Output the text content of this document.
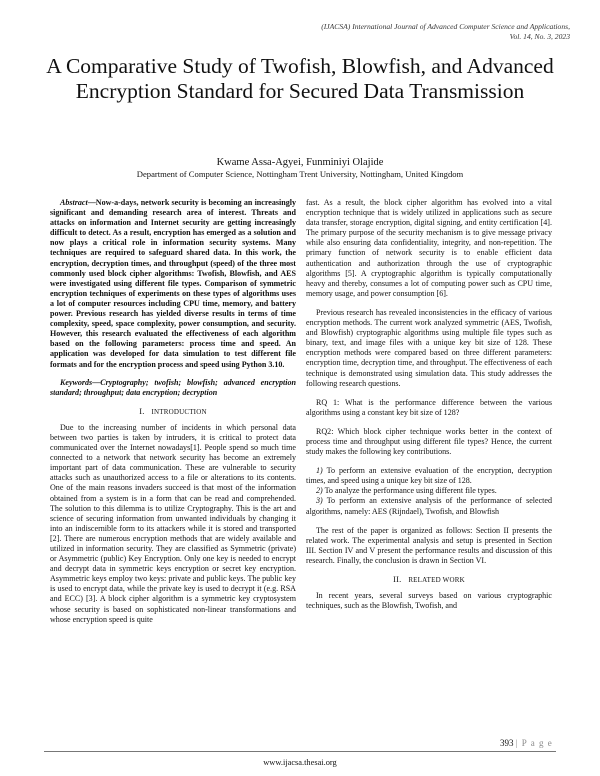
(IJACSA) International Journal of Advanced Computer Science and Applications,
Vol. 14, No. 3, 2023
A Comparative Study of Twofish, Blowfish, and Advanced Encryption Standard for Secured Data Transmission
Kwame Assa-Agyei, Funminiyi Olajide
Department of Computer Science, Nottingham Trent University, Nottingham, United Kingdom

Abstract—Now-a-days, network security is becoming an increasingly significant and demanding research area of interest. Threats and attacks on information and Internet security are getting increasingly difficult to detect. As a result, encryption has emerged as a solution and now plays a critical role in information security systems. Many techniques are required to safeguard shared data. In this work, the encryption, decryption times, and throughput (speed) of the three most commonly used block cipher algorithms: Twofish, Blowfish, and AES were investigated using different file types. Comparison of symmetric encryption techniques of experiments on these types of algorithms uses a lot of computer resources including CPU time, memory, and battery power. Previous research has yielded diverse results in terms of time complexity, speed, space complexity, power consumption, and security. However, this research evaluated the effectiveness of each algorithm based on the following parameters: process time and speed. An application was developed for data simulation to test different file formats and for the encryption process and speed using Python 3.10.

Keywords—Cryptography; twofish; blowfish; advanced encryption standard; throughput; data encryption; decryption

I. INTRODUCTION

Due to the increasing number of incidents in which personal data between two parties is taken by intruders, it is critical to protect data communicated over the Internet nowadays[1]. People spend so much time connected to a network that network security has become an extremely important part of data communication. These are vulnerable to security attacks such as unauthorized access to a file or alterations to its contents. One of the main reasons invaders succeed is that most of the information obtained from a system is in a form that can be read and comprehended. The solution to this dilemma is to utilize Cryptography. This is the art and science of securing information from unwanted individuals by changing it into an indiscernible form to its attackers while it is stored and transported [2]. There are numerous encryption methods that are widely available and utilized in information security. They are classified as Symmetric (private) or Asymmetric (public) Key Encryption. Only one key is needed to encrypt and decrypt data in symmetric keys encryption or secret key encryption. Asymmetric keys employ two keys: private and public keys. The public key is used to encrypt data, while the private key is used to decrypt it (e.g. RSA and ECC) [3]. A block cipher algorithm is a symmetric key cryptosystem whose security is based on sophisticated non-linear transformations and whose encryption speed is quite

fast. As a result, the block cipher algorithm has evolved into a vital encryption technique that is widely utilized in applications such as secure data transfer, storage encryption, digital signing, and entity certification [4]. The primary purpose of the security mechanism is to give message privacy while also ensuring data confidentiality, integrity, and non-repetition. The primary function of network security is to enable efficient data authentication and authorization through the use of cryptographic algorithms [5]. A cryptographic algorithm is typically computationally heavy and thereby, consumes a lot of computing power such as CPU time, memory usage, and power consumption [6].

Previous research has revealed inconsistencies in the efficacy of various encryption methods. The current work analyzed symmetric (AES, Twofish, and Blowfish) cryptographic algorithms using multiple file types such as binary, text, and image files with a unique key bit size of 128. These encryption methods were compared based on three different parameters: encryption time, decryption time, and throughput. The effectiveness of each technique is demonstrated using simulation data. This study addresses the following research questions.

RQ 1: What is the performance difference between the various algorithms using a constant key bit size of 128?

RQ2: Which block cipher technique works better in the context of process time and throughput using different file types? Hence, the current study makes the following key contributions.

1) To perform an extensive evaluation of the encryption, decryption times, and speed using a unique key bit size of 128.

2) To analyze the performance using different file types.

3) To perform an extensive analysis of the performance of selected algorithms, namely: AES (Rijndael), Twofish, and Blowfish

The rest of the paper is organized as follows: Section II presents the related work. The experimental analysis and setup is presented in Section III. Section IV and V present the performance results and discussion of this research. Finally, the conclusion is drawn in Section VI.

II. RELATED WORK

In recent years, several surveys based on various cryptographic techniques, such as the Blowfish, Twofish, and

393 | P a g e
www.ijacsa.thesai.org
